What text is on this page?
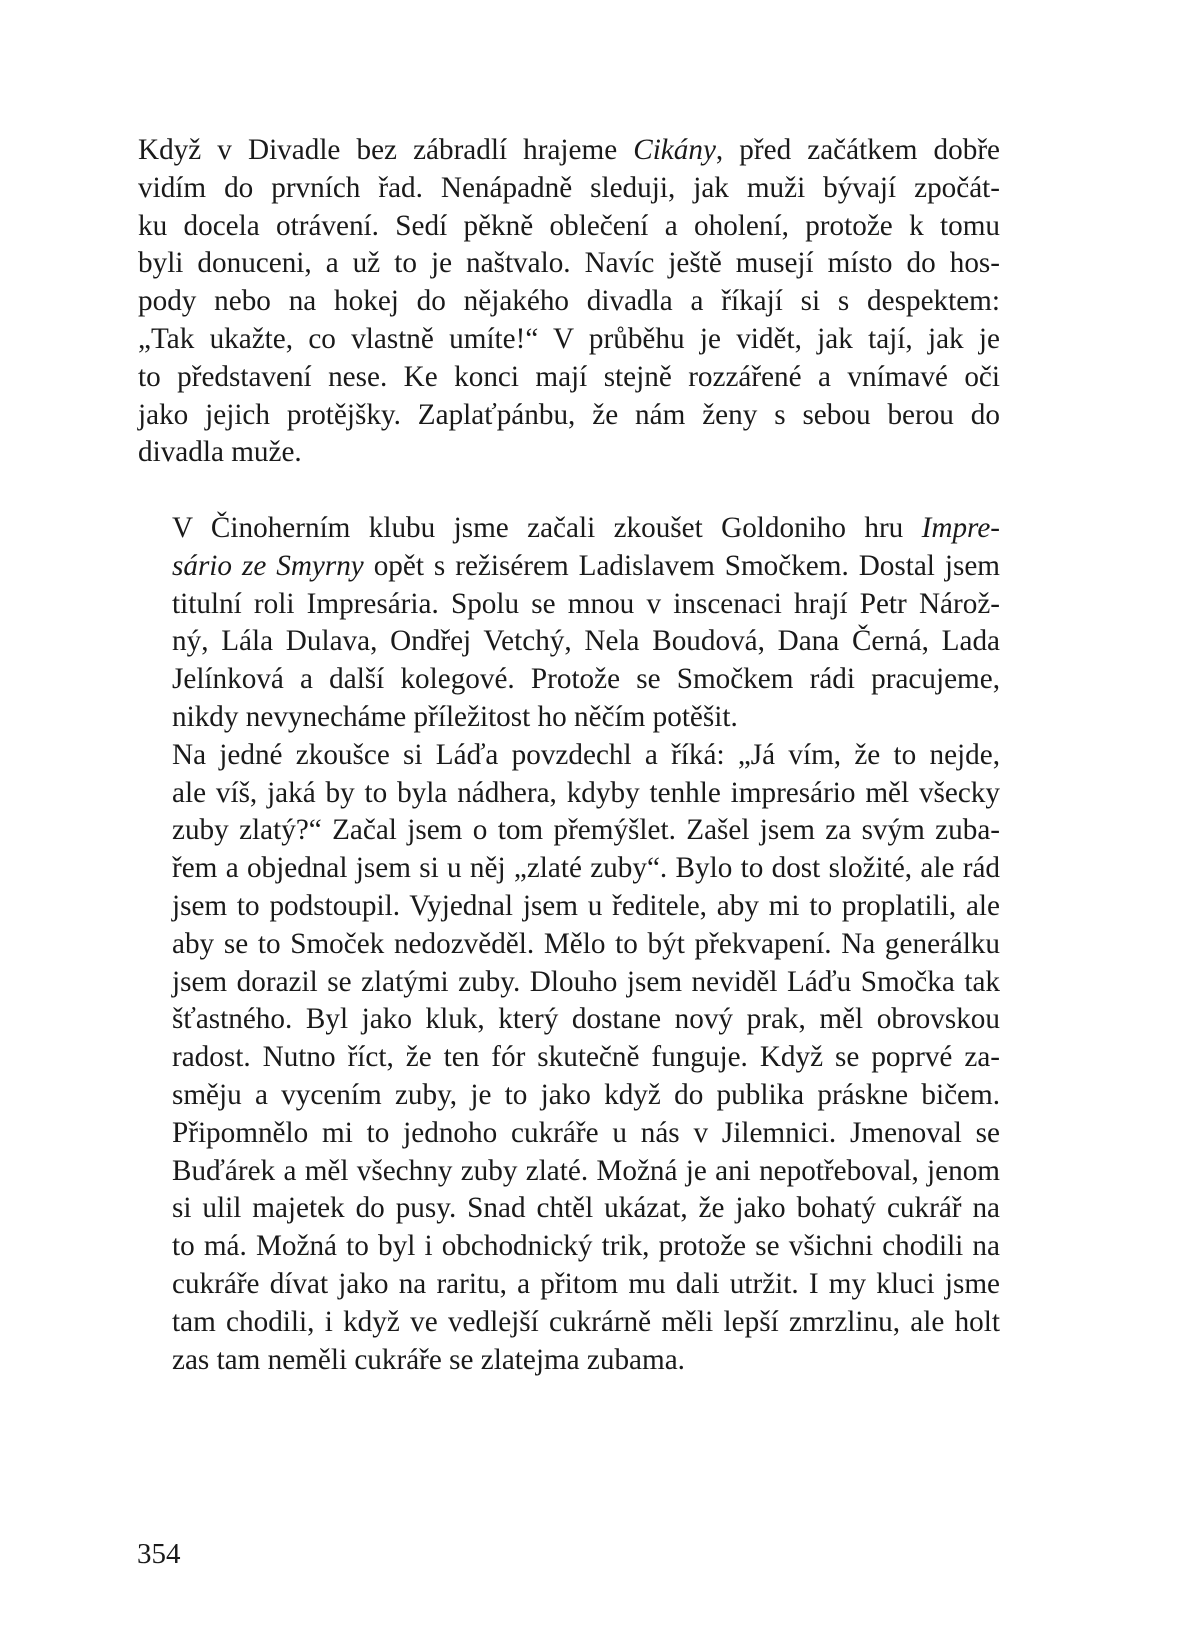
Když v Divadle bez zábradlí hrajeme Cikány, před začátkem dobře
vidím do prvních řad. Nenápadně sleduji, jak muži bývají zpočát-
ku docela otrávení. Sedí pěkně oblečení a oholení, protože k tomu
byli donuceni, a už to je naštvalo. Navíc ještě musejí místo do hos-
pody nebo na hokej do nějakého divadla a říkají si s despektem:
„Tak ukažte, co vlastně umíte!“ V průběhu je vidět, jak tají, jak je
to představení nese. Ke konci mají stejně rozzářené a vnímavé oči
jako jejich protějšky. Zaplaťpánbu, že nám ženy s sebou berou do
divadla muže.
V Činoherním klubu jsme začali zkoušet Goldoniho hru Impre-
sário ze Smyrny opět s režisérem Ladislavem Smočkem. Dostal jsem
titulní roli Impresária. Spolu se mnou v inscenaci hrají Petr Nárož-
ný, Lála Dulava, Ondřej Vetchý, Nela Boudová, Dana Černá, Lada
Jelínková a další kolegové. Protože se Smočkem rádi pracujeme,
nikdy nevynecháme příležitost ho něčím potěšit.
Na jedné zkoušce si Láďa povzdechl a říká: „Já vím, že to nejde,
ale víš, jaká by to byla nádhera, kdyby tenhle impresário měl všecky
zuby zlatý?“ Začal jsem o tom přemýšlet. Zašel jsem za svým zuba-
řem a objednal jsem si u něj „zlaté zuby“. Bylo to dost složité, ale rád
jsem to podstoupil. Vyjednal jsem u ředitele, aby mi to proplatili, ale
aby se to Smoček nedozvěděl. Mělo to být překvapení. Na generálku
jsem dorazil se zlatými zuby. Dlouho jsem neviděl Láďu Smočka tak
šťastného. Byl jako kluk, který dostane nový prak, měl obrovskou
radost. Nutno říct, že ten fór skutečně funguje. Když se poprvé za-
směju a vycením zuby, je to jako když do publika práskne bičem.
Připomnělo mi to jednoho cukráře u nás v Jilemnici. Jmenoval se
Buďárek a měl všechny zuby zlaté. Možná je ani nepotřeboval, jenom
si ulil majetek do pusy. Snad chtěl ukázat, že jako bohatý cukrář na
to má. Možná to byl i obchodnický trik, protože se všichni chodili na
cukráře dívat jako na raritu, a přitom mu dali utržit. I my kluci jsme
tam chodili, i když ve vedlejší cukrárně měli lepší zmrzlinu, ale holt
zas tam neměli cukráře se zlatejma zubama.
354
